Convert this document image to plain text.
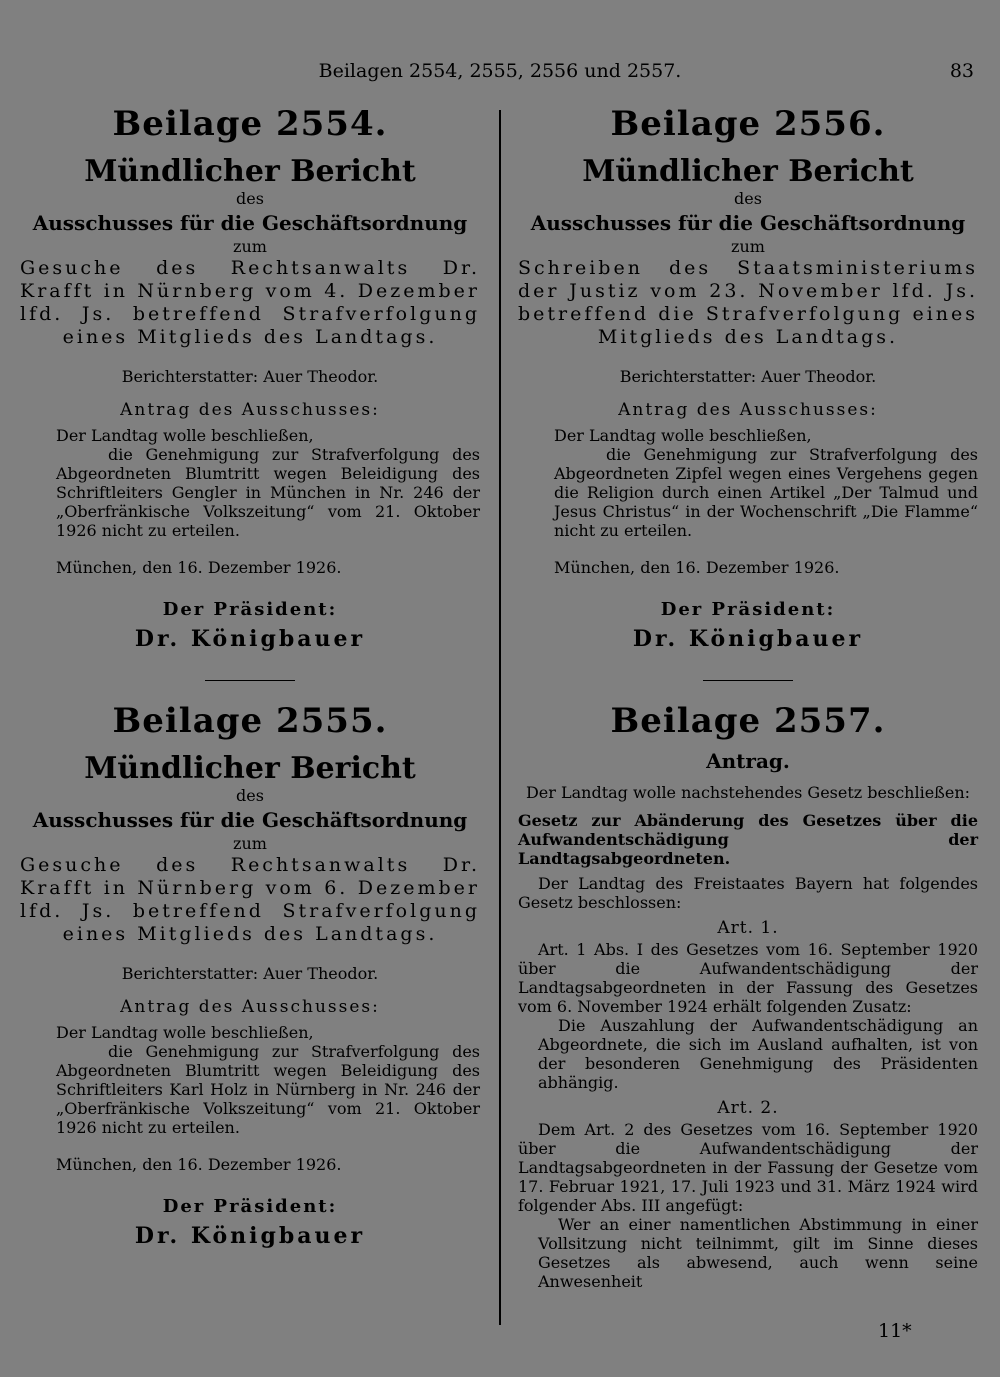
Beilagen 2554, 2555, 2556 und 2557.	83
Beilage 2554.
Mündlicher Bericht
des
Ausschusses für die Geschäftsordnung
zum
Gesuche des Rechtsanwalts Dr. Krafft in Nürnberg vom 4. Dezember lfd. Js. betreffend Strafverfolgung eines Mitglieds des Landtags.
Berichterstatter: Auer Theodor.
Antrag des Ausschusses:
Der Landtag wolle beschließen,
die Genehmigung zur Strafverfolgung des Abgeordneten Blumtritt wegen Beleidigung des Schriftleiters Gengler in München in Nr. 246 der „Oberfränkische Volkszeitung“ vom 21. Oktober 1926 nicht zu erteilen.
München, den 16. Dezember 1926.
Der Präsident:
Dr. Königbauer
Beilage 2555.
Mündlicher Bericht
des
Ausschusses für die Geschäftsordnung
zum
Gesuche des Rechtsanwalts Dr. Krafft in Nürnberg vom 6. Dezember lfd. Js. betreffend Strafverfolgung eines Mitglieds des Landtags.
Berichterstatter: Auer Theodor.
Antrag des Ausschusses:
Der Landtag wolle beschließen,
die Genehmigung zur Strafverfolgung des Abgeordneten Blumtritt wegen Beleidigung des Schriftleiters Karl Holz in Nürnberg in Nr. 246 der „Oberfränkische Volkszeitung“ vom 21. Oktober 1926 nicht zu erteilen.
München, den 16. Dezember 1926.
Der Präsident:
Dr. Königbauer
Beilage 2556.
Mündlicher Bericht
des
Ausschusses für die Geschäftsordnung
zum
Schreiben des Staatsministeriums der Justiz vom 23. November lfd. Js. betreffend die Strafverfolgung eines Mitglieds des Landtags.
Berichterstatter: Auer Theodor.
Antrag des Ausschusses:
Der Landtag wolle beschließen,
die Genehmigung zur Strafverfolgung des Abgeordneten Zipfel wegen eines Vergehens gegen die Religion durch einen Artikel „Der Talmud und Jesus Christus“ in der Wochenschrift „Die Flamme“ nicht zu erteilen.
München, den 16. Dezember 1926.
Der Präsident:
Dr. Königbauer
Beilage 2557.
Antrag.
Der Landtag wolle nachstehendes Gesetz beschließen:
Gesetz zur Abänderung des Gesetzes über die Aufwandentschädigung der Landtagsabgeordneten.
Der Landtag des Freistaates Bayern hat folgendes Gesetz beschlossen:
Art. 1.
Art. 1 Abs. I des Gesetzes vom 16. September 1920 über die Aufwandentschädigung der Landtagsabgeordneten in der Fassung des Gesetzes vom 6. November 1924 erhält folgenden Zusatz:
Die Auszahlung der Aufwandentschädigung an Abgeordnete, die sich im Ausland aufhalten, ist von der besonderen Genehmigung des Präsidenten abhängig.
Art. 2.
Dem Art. 2 des Gesetzes vom 16. September 1920 über die Aufwandentschädigung der Landtagsabgeordneten in der Fassung der Gesetze vom 17. Februar 1921, 17. Juli 1923 und 31. März 1924 wird folgender Abs. III angefügt:
Wer an einer namentlichen Abstimmung in einer Vollsitzung nicht teilnimmt, gilt im Sinne dieses Gesetzes als abwesend, auch wenn seine Anwesenheit
11*
